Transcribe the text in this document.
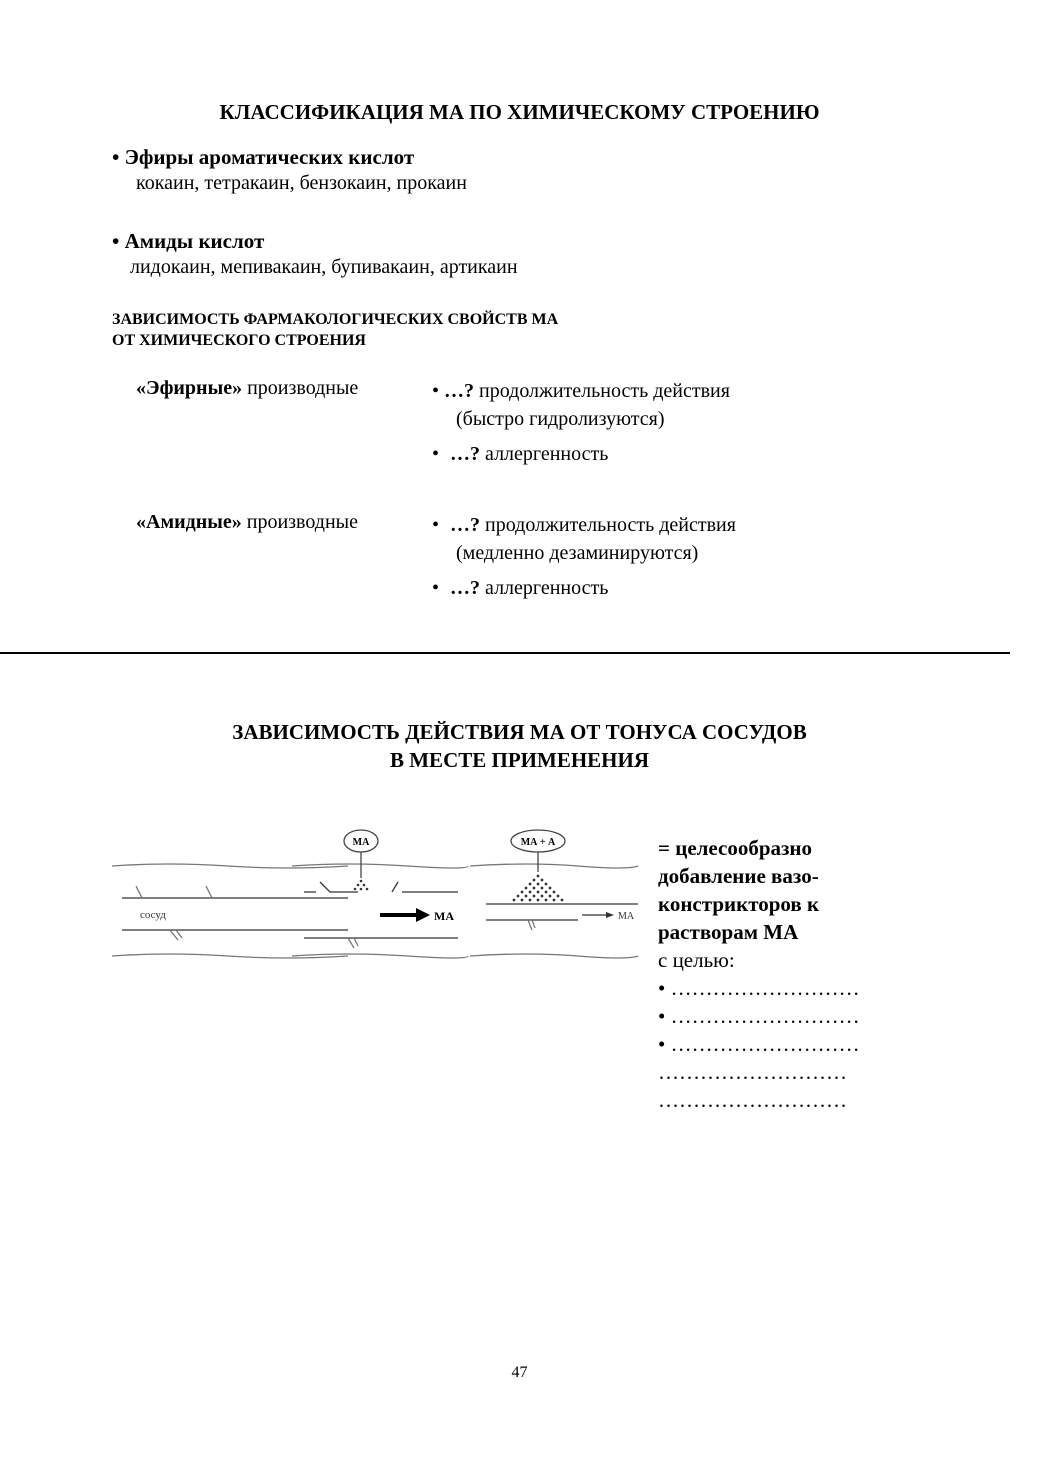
КЛАССИФИКАЦИЯ МА ПО ХИМИЧЕСКОМУ СТРОЕНИЮ
• Эфиры ароматических кислот
кокаин, тетракаин, бензокаин, прокаин
• Амиды кислот
лидокаин, мепивакаин, бупивакаин, артикаин
ЗАВИСИМОСТЬ ФАРМАКОЛОГИЧЕСКИХ СВОЙСТВ МА
ОТ ХИМИЧЕСКОГО СТРОЕНИЯ
«Эфирные» производные	• …? продолжительность действия
(быстро гидролизуются)
• …? аллергенность
«Амидные» производные	• …? продолжительность действия
(медленно дезаминируются)
• …? аллергенность
ЗАВИСИМОСТЬ ДЕЙСТВИЯ МА ОТ ТОНУСА СОСУДОВ
В МЕСТЕ ПРИМЕНЕНИЯ
сосуд
МА
МА
МА + А
МА
= целесообразно
добавление вазо-
констрикторов к
растворам МА
с целью:
• ………………………
• ………………………
• ………………………
………………………
………………………
47
